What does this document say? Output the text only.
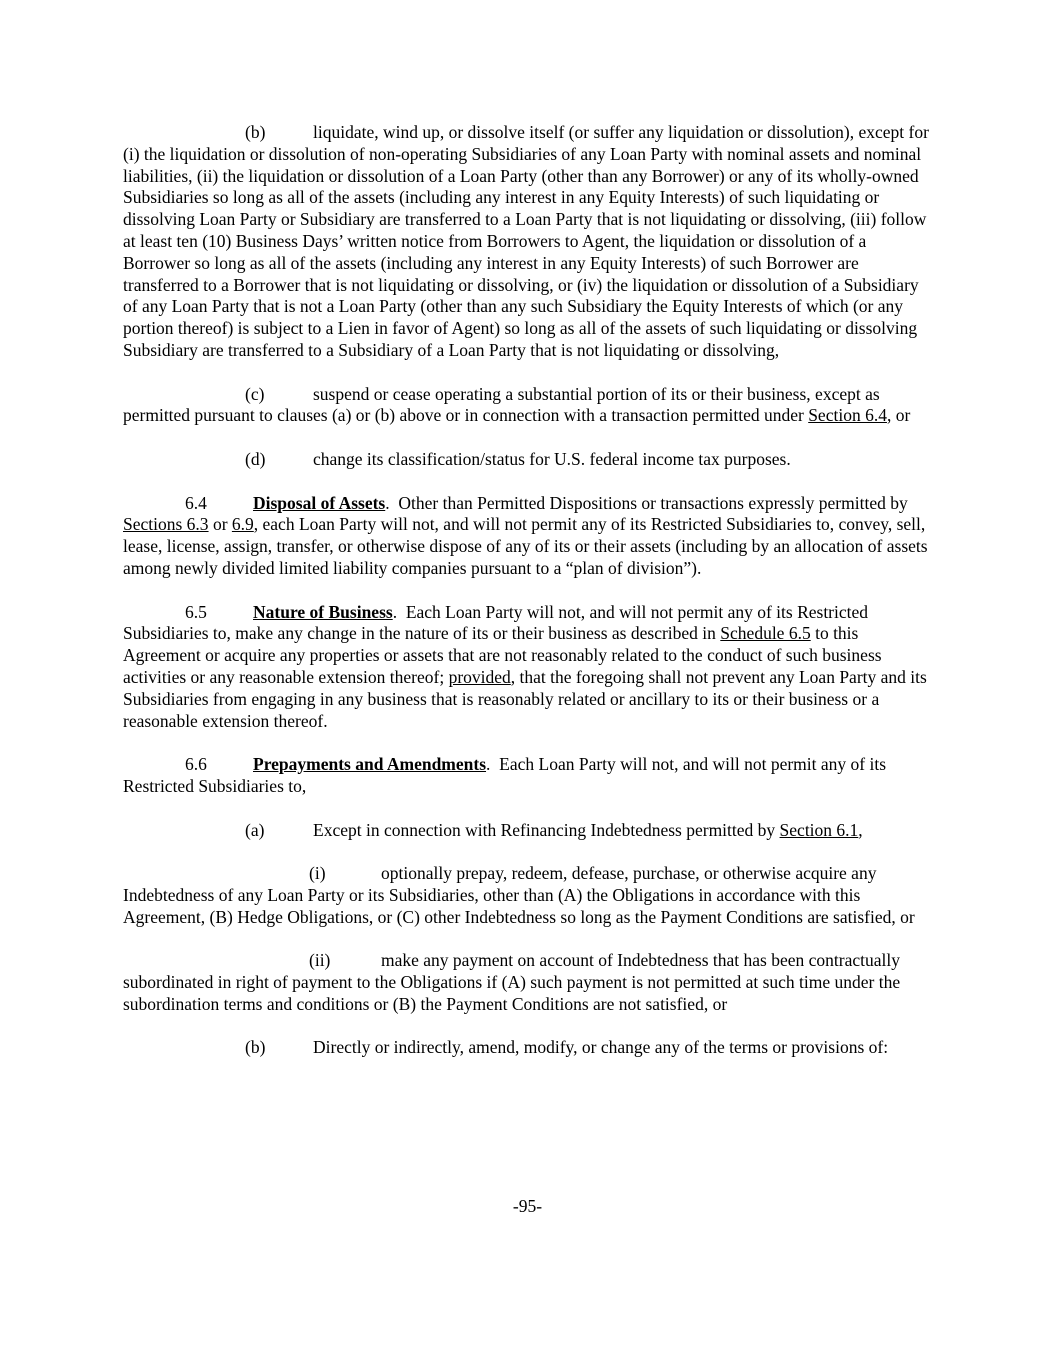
(b)	liquidate, wind up, or dissolve itself (or suffer any liquidation or dissolution), except for (i) the liquidation or dissolution of non-operating Subsidiaries of any Loan Party with nominal assets and nominal liabilities, (ii) the liquidation or dissolution of a Loan Party (other than any Borrower) or any of its wholly-owned Subsidiaries so long as all of the assets (including any interest in any Equity Interests) of such liquidating or dissolving Loan Party or Subsidiary are transferred to a Loan Party that is not liquidating or dissolving, (iii) follow at least ten (10) Business Days’ written notice from Borrowers to Agent, the liquidation or dissolution of a Borrower so long as all of the assets (including any interest in any Equity Interests) of such Borrower are transferred to a Borrower that is not liquidating or dissolving, or (iv) the liquidation or dissolution of a Subsidiary of any Loan Party that is not a Loan Party (other than any such Subsidiary the Equity Interests of which (or any portion thereof) is subject to a Lien in favor of Agent) so long as all of the assets of such liquidating or dissolving Subsidiary are transferred to a Subsidiary of a Loan Party that is not liquidating or dissolving,

(c)	suspend or cease operating a substantial portion of its or their business, except as permitted pursuant to clauses (a) or (b) above or in connection with a transaction permitted under Section 6.4, or

(d)	change its classification/status for U.S. federal income tax purposes.

6.4	Disposal of Assets.  Other than Permitted Dispositions or transactions expressly permitted by Sections 6.3 or 6.9, each Loan Party will not, and will not permit any of its Restricted Subsidiaries to, convey, sell, lease, license, assign, transfer, or otherwise dispose of any of its or their assets (including by an allocation of assets among newly divided limited liability companies pursuant to a “plan of division”).

6.5	Nature of Business.  Each Loan Party will not, and will not permit any of its Restricted Subsidiaries to, make any change in the nature of its or their business as described in Schedule 6.5 to this Agreement or acquire any properties or assets that are not reasonably related to the conduct of such business activities or any reasonable extension thereof; provided, that the foregoing shall not prevent any Loan Party and its Subsidiaries from engaging in any business that is reasonably related or ancillary to its or their business or a reasonable extension thereof.

6.6	Prepayments and Amendments.  Each Loan Party will not, and will not permit any of its Restricted Subsidiaries to,

(a)	Except in connection with Refinancing Indebtedness permitted by Section 6.1,

(i)	optionally prepay, redeem, defease, purchase, or otherwise acquire any Indebtedness of any Loan Party or its Subsidiaries, other than (A) the Obligations in accordance with this Agreement, (B) Hedge Obligations, or (C) other Indebtedness so long as the Payment Conditions are satisfied, or

(ii)	make any payment on account of Indebtedness that has been contractually subordinated in right of payment to the Obligations if (A) such payment is not permitted at such time under the subordination terms and conditions or (B) the Payment Conditions are not satisfied, or

(b)	Directly or indirectly, amend, modify, or change any of the terms or provisions of:

-95-
